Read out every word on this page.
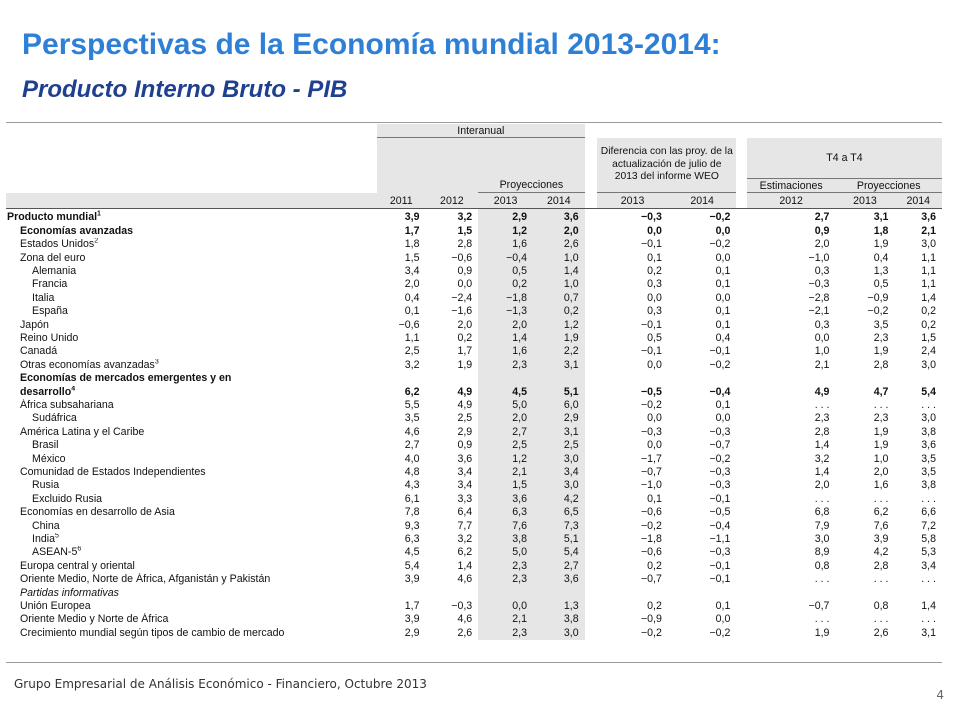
Perspectivas de la Economía mundial 2013-2014:
Producto Interno Bruto - PIB
	Interanual										
						Diferencia con las proy. de la actualización de julio de 2013 del informe WEO			T4 a T4		
			Proyecciones						Estimaciones	Proyecciones	
	2011	2012	2013	2014		2013	2014		2012	2013	2014
Producto mundial$^1$	3,9	3,2	2,9	3,6		−0,3	−0,2		2,7	3,1	3,6
Economías avanzadas	1,7	1,5	1,2	2,0		0,0	0,0		0,9	1,8	2,1
Estados Unidos$^2$	1,8	2,8	1,6	2,6		−0,1	−0,2		2,0	1,9	3,0
Zona del euro	1,5	−0,6	−0,4	1,0		0,1	0,0		−1,0	0,4	1,1
Alemania	3,4	0,9	0,5	1,4		0,2	0,1		0,3	1,3	1,1
Francia	2,0	0,0	0,2	1,0		0,3	0,1		−0,3	0,5	1,1
Italia	0,4	−2,4	−1,8	0,7		0,0	0,0		−2,8	−0,9	1,4
España	0,1	−1,6	−1,3	0,2		0,3	0,1		−2,1	−0,2	0,2
Japón	−0,6	2,0	2,0	1,2		−0,1	0,1		0,3	3,5	0,2
Reino Unido	1,1	0,2	1,4	1,9		0,5	0,4		0,0	2,3	1,5
Canadá	2,5	1,7	1,6	2,2		−0,1	−0,1		1,0	1,9	2,4
Otras economías avanzadas$^3$	3,2	1,9	2,3	3,1		0,0	−0,2		2,1	2,8	3,0
Economías de mercados emergentes y en											
desarrollo$^4$	6,2	4,9	4,5	5,1		−0,5	−0,4		4,9	4,7	5,4
África subsahariana	5,5	4,9	5,0	6,0		−0,2	0,1		. . .	. . .	. . .
Sudáfrica	3,5	2,5	2,0	2,9		0,0	0,0		2,3	2,3	3,0
América Latina y el Caribe	4,6	2,9	2,7	3,1		−0,3	−0,3		2,8	1,9	3,8
Brasil	2,7	0,9	2,5	2,5		0,0	−0,7		1,4	1,9	3,6
México	4,0	3,6	1,2	3,0		−1,7	−0,2		3,2	1,0	3,5
Comunidad de Estados Independientes	4,8	3,4	2,1	3,4		−0,7	−0,3		1,4	2,0	3,5
Rusia	4,3	3,4	1,5	3,0		−1,0	−0,3		2,0	1,6	3,8
Excluido Rusia	6,1	3,3	3,6	4,2		0,1	−0,1		. . .	. . .	. . .
Economías en desarrollo de Asia	7,8	6,4	6,3	6,5		−0,6	−0,5		6,8	6,2	6,6
China	9,3	7,7	7,6	7,3		−0,2	−0,4		7,9	7,6	7,2
India$^5$	6,3	3,2	3,8	5,1		−1,8	−1,1		3,0	3,9	5,8
ASEAN-$5^6$	4,5	6,2	5,0	5,4		−0,6	−0,3		8,9	4,2	5,3
Europa central y oriental	5,4	1,4	2,3	2,7		0,2	−0,1		0,8	2,8	3,4
Oriente Medio, Norte de África, Afganistán y Pakistán	3,9	4,6	2,3	3,6		−0,7	−0,1		. . .	. . .	. . .
Partidas informativas											
Unión Europea	1,7	−0,3	0,0	1,3		0,2	0,1		−0,7	0,8	1,4
Oriente Medio y Norte de África	3,9	4,6	2,1	3,8		−0,9	0,0		. . .	. . .	. . .
Crecimiento mundial según tipos de cambio de mercado	2,9	2,6	2,3	3,0		−0,2	−0,2		1,9	2,6	3,1
Grupo Empresarial de Análisis Económico - Financiero, Octubre 2013
4
